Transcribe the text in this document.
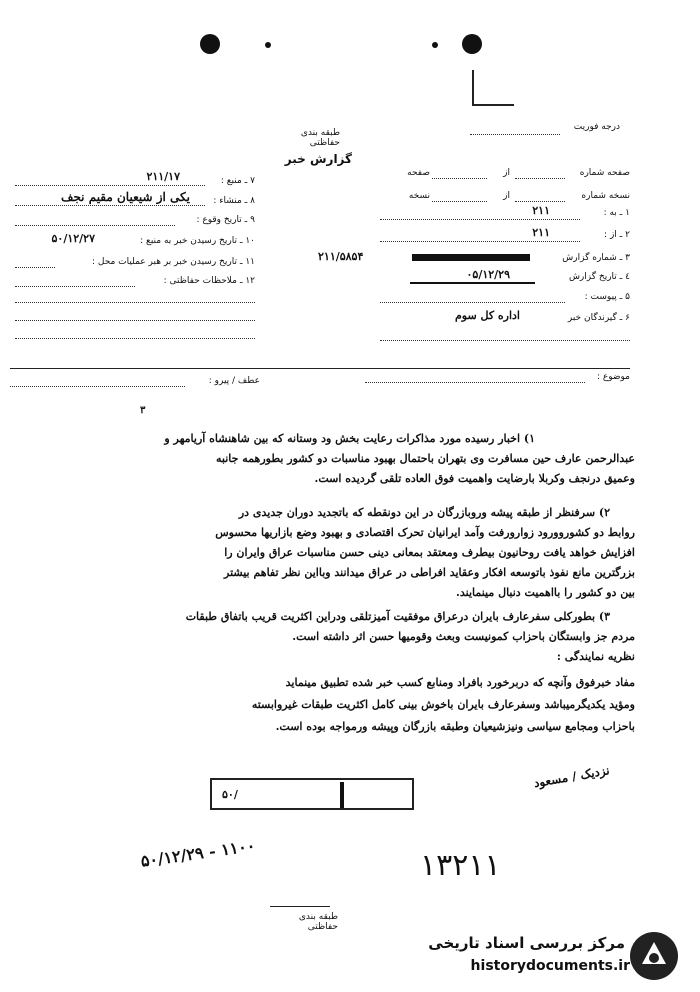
طبقه بندی حفاظتی
گزارش خبر
درجه فوریت
صفحه شماره
از
صفحه
نسخه شماره
از
نسخه
۱ ـ به :
۲۱۱
۲ ـ از :
۲۱۱
۳ ـ شماره گزارش
۲۱۱/۵۸۵۴
٤ ـ تاریخ گزارش
۰۵/۱۲/۲۹
۵ ـ پیوست :
۶ ـ گیرندگان خبر
اداره کل سوم
۷ ـ منبع :
۲۱۱/۱۷
۸ ـ منشاء :
یکی از شیعیان مقیم نجف
۹ ـ تاریخ وقوع :
۱۰ ـ تاریخ رسیدن خبر به منبع :
۵۰/۱۲/۲۷
۱۱ ـ تاریخ رسیدن خبر بر هبر عملیات محل :
۱۲ ـ ملاحظات حفاظتی :
عطف / پیرو :	موضوع :
۳
۱) اخبار رسیده مورد مذاکرات رعایت بخش ود وستانه که بین شاهنشاه آریامهر و
عبدالرحمن عارف حین مسافرت وی بتهران باحتمال بهبود مناسبات دو کشور بطورهمه جانبه
وعمیق درنجف وکربلا بارضایت واهمیت فوق العاده تلقی گردیده است.
۲) سرفنظر از طبقه پیشه وروبازرگان در این دونقطه که باتجدید دوران جدیدی در
روابط دو کشوروورود زوارورفت وآمد ایرانیان تحرک اقتصادی و بهبود وضع بازاریها محسوس
افزایش خواهد یافت روحانیون بیطرف ومعتقد بمعانی دینی حسن مناسبات عراق وایران را
بزرگترین مانع نفوذ باتوسعه افکار وعقاید افراطی در عراق میدانند وبااین نظر تفاهم بیشتر
بین دو کشور را بااهمیت دنبال مینمایند.
۳) بطورکلی سفرعارف بایران درعراق موفقیت آمیزتلقی ودراین اکثریت قریب باتفاق طبقات
مردم جز وابستگان باحزاب کمونیست وبعث وقومیها حسن اثر داشته است.
نظریه نمایندگی :
مفاد خبرفوق وآنچه که دربرخورد بافراد ومنابع کسب خبر شده تطبیق مینماید
ومؤید یکدیگرمیباشد وسفرعارف بایران باخوش بینی کامل اکثریت طبقات غیروابسته
باحزاب ومجامع سیاسی ونیزشیعیان وطبقه بازرگان وپیشه ورمواجه بوده است.
نزدیک / مسعود
۵۰/
۵۰/۱۲/۲۹ - ۱۱۰۰	۱۳۲۱۱
طبقه بندی حفاظتی
مرکز بررسی اسناد تاریخی
historydocuments.ir
